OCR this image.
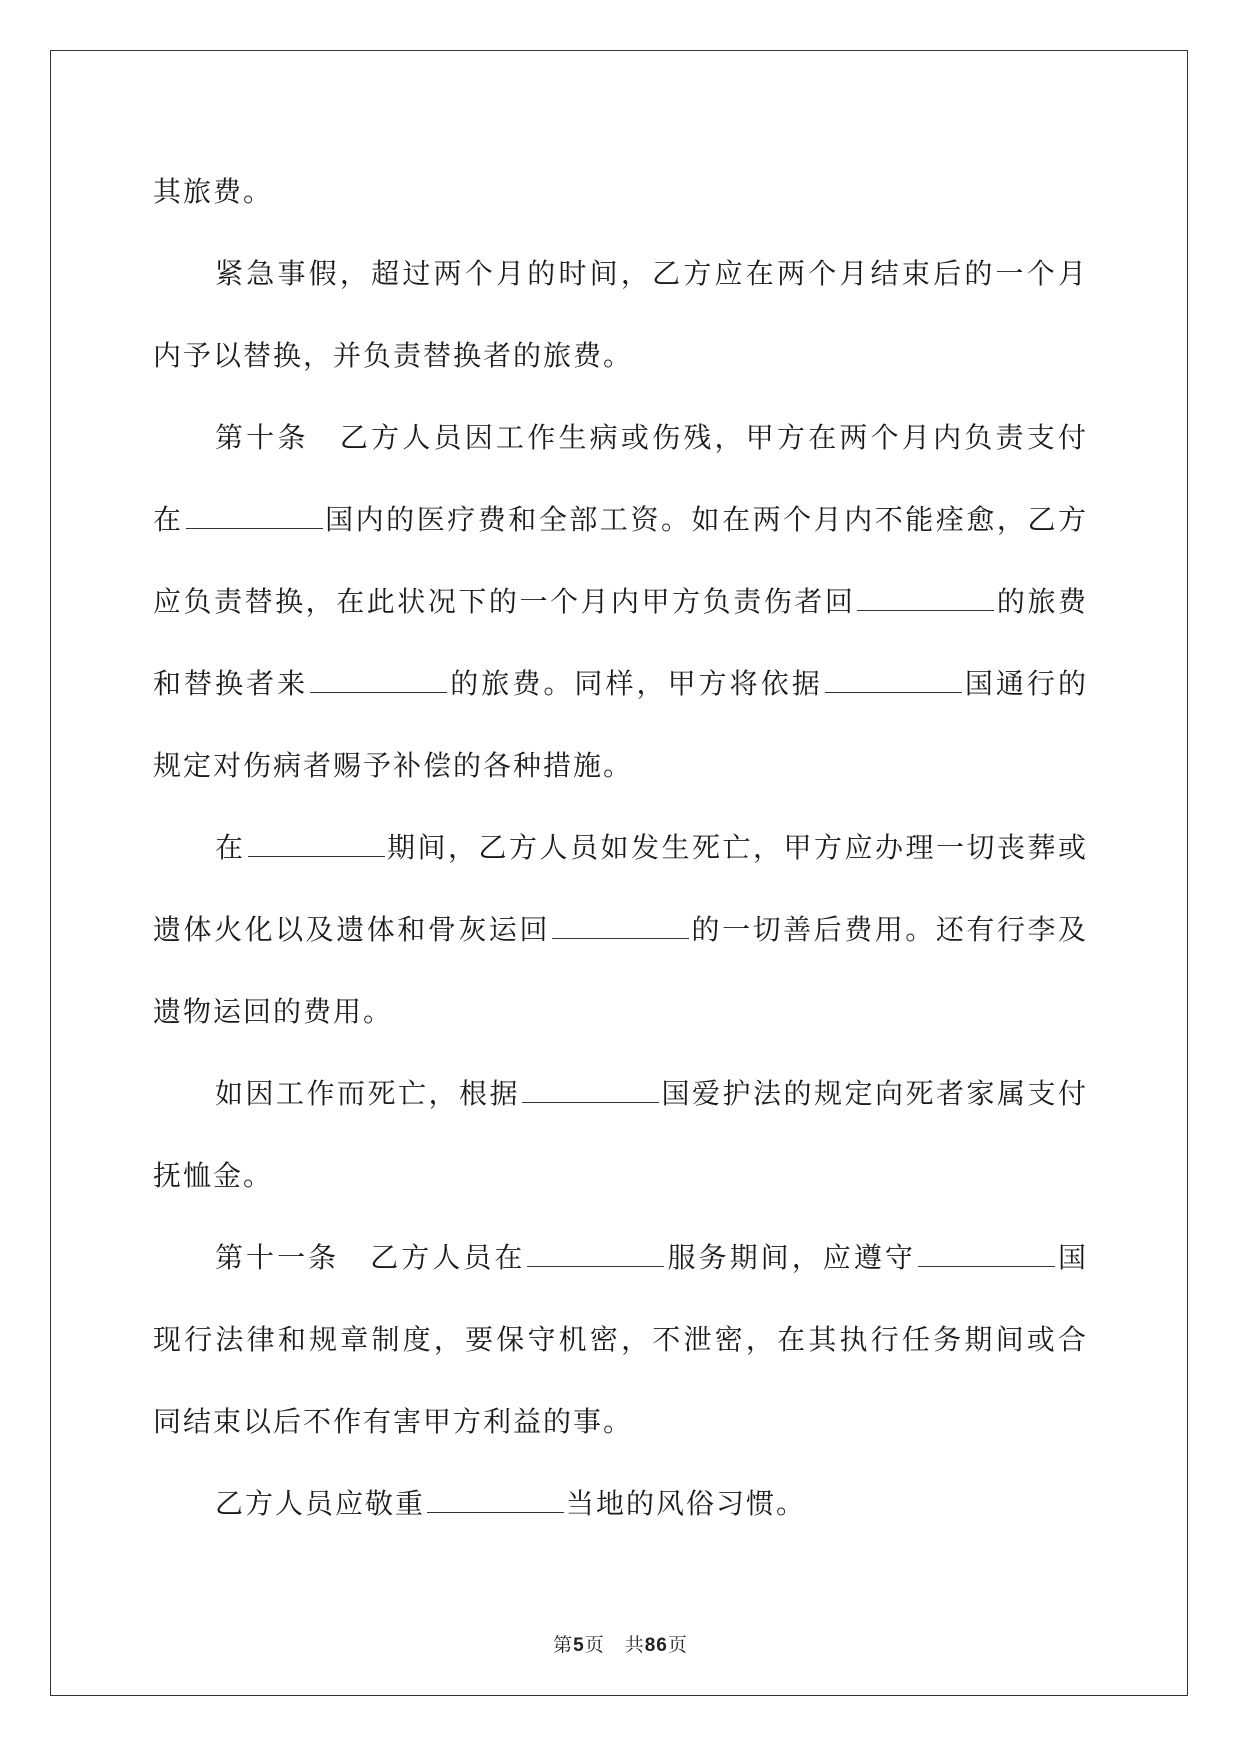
其旅费。
紧急事假，超过两个月的时间，乙方应在两个月结束后的一个月
内予以替换，并负责替换者的旅费。
第十条　乙方人员因工作生病或伤残，甲方在两个月内负责支付
在	国内的医疗费和全部工资。如在两个月内不能痊愈，乙方
应负责替换，在此状况下的一个月内甲方负责伤者回	的旅费
和替换者来	的旅费。同样，甲方将依据	国通行的
规定对伤病者赐予补偿的各种措施。
在	期间，乙方人员如发生死亡，甲方应办理一切丧葬或
遗体火化以及遗体和骨灰运回	的一切善后费用。还有行李及
遗物运回的费用。
如因工作而死亡，根据	国爱护法的规定向死者家属支付
抚恤金。
第十一条　乙方人员在	服务期间，应遵守	国
现行法律和规章制度，要保守机密，不泄密，在其执行任务期间或合
同结束以后不作有害甲方利益的事。
乙方人员应敬重	当地的风俗习惯。
第5页　共86页
